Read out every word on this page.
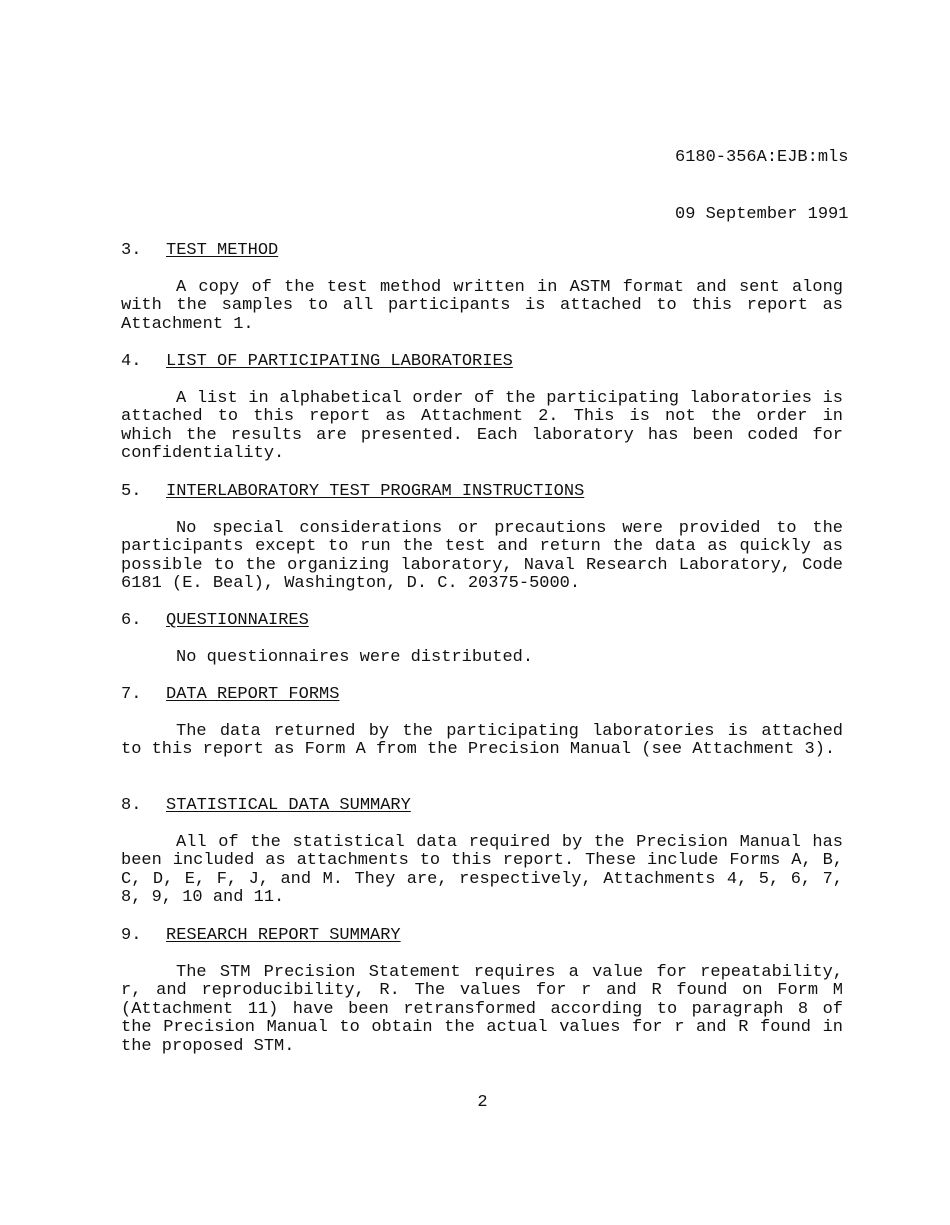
6180-356A:EJB:mls

09 September 1991

3. TEST METHOD
A copy of the test method written in ASTM format and sent along with the samples to all participants is attached to this report as Attachment 1.
4. LIST OF PARTICIPATING LABORATORIES
A list in alphabetical order of the participating laboratories is attached to this report as Attachment 2. This is not the order in which the results are presented. Each laboratory has been coded for confidentiality.
5. INTERLABORATORY TEST PROGRAM INSTRUCTIONS
No special considerations or precautions were provided to the participants except to run the test and return the data as quickly as possible to the organizing laboratory, Naval Research Laboratory, Code 6181 (E. Beal), Washington, D. C. 20375-5000.
6. QUESTIONNAIRES
No questionnaires were distributed.
7. DATA REPORT FORMS
The data returned by the participating laboratories is attached to this report as Form A from the Precision Manual (see Attachment 3).
8. STATISTICAL DATA SUMMARY
All of the statistical data required by the Precision Manual has been included as attachments to this report. These include Forms A, B, C, D, E, F, J, and M. They are, respectively, Attachments 4, 5, 6, 7, 8, 9, 10 and 11.
9. RESEARCH REPORT SUMMARY
The STM Precision Statement requires a value for repeatability, r, and reproducibility, R. The values for r and R found on Form M (Attachment 11) have been retransformed according to paragraph 8 of the Precision Manual to obtain the actual values for r and R found in the proposed STM.
2
